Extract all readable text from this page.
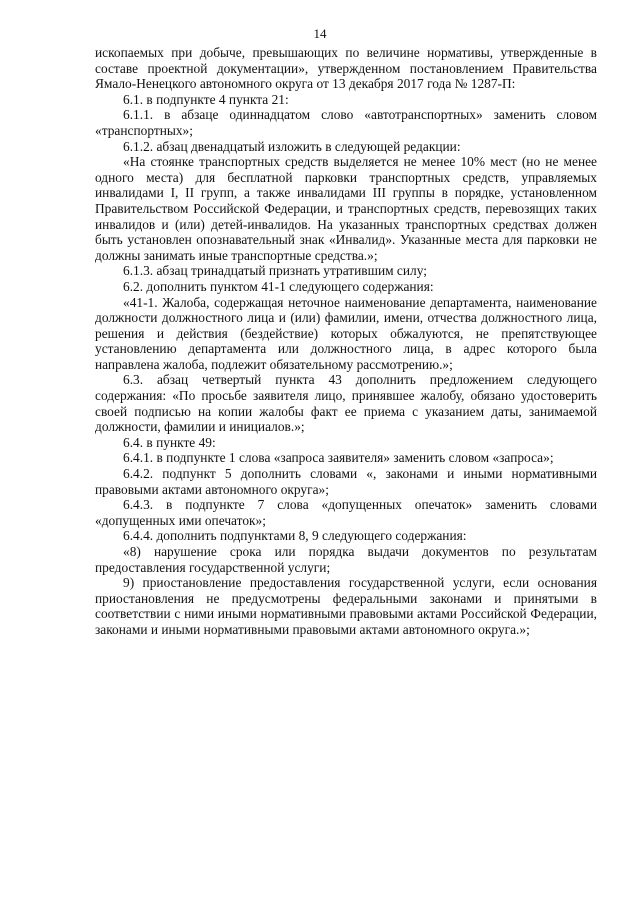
14

ископаемых при добыче, превышающих по величине нормативы, утвержденные в составе проектной документации», утвержденном постановлением Правительства Ямало-Ненецкого автономного округа от 13 декабря 2017 года № 1287-П:

6.1. в подпункте 4 пункта 21:

6.1.1. в абзаце одиннадцатом слово «автотранспортных» заменить словом «транспортных»;

6.1.2. абзац двенадцатый изложить в следующей редакции:

«На стоянке транспортных средств выделяется не менее 10% мест (но не менее одного места) для бесплатной парковки транспортных средств, управляемых инвалидами I, II групп, а также инвалидами III группы в порядке, установленном Правительством Российской Федерации, и транспортных средств, перевозящих таких инвалидов и (или) детей-инвалидов. На указанных транспортных средствах должен быть установлен опознавательный знак «Инвалид». Указанные места для парковки не должны занимать иные транспортные средства.»;

6.1.3. абзац тринадцатый признать утратившим силу;

6.2. дополнить пунктом 41-1 следующего содержания:

«41-1. Жалоба, содержащая неточное наименование департамента, наименование должности должностного лица и (или) фамилии, имени, отчества должностного лица, решения и действия (бездействие) которых обжалуются, не препятствующее установлению департамента или должностного лица, в адрес которого была направлена жалоба, подлежит обязательному рассмотрению.»;

6.3. абзац четвертый пункта 43 дополнить предложением следующего содержания: «По просьбе заявителя лицо, принявшее жалобу, обязано удостоверить своей подписью на копии жалобы факт ее приема с указанием даты, занимаемой должности, фамилии и инициалов.»;

6.4. в пункте 49:

6.4.1. в подпункте 1 слова «запроса заявителя» заменить словом «запроса»;

6.4.2. подпункт 5 дополнить словами «, законами и иными нормативными правовыми актами автономного округа»;

6.4.3. в подпункте 7 слова «допущенных опечаток» заменить словами «допущенных ими опечаток»;

6.4.4. дополнить подпунктами 8, 9 следующего содержания:

«8) нарушение срока или порядка выдачи документов по результатам предоставления государственной услуги;

9) приостановление предоставления государственной услуги, если основания приостановления не предусмотрены федеральными законами и принятыми в соответствии с ними иными нормативными правовыми актами Российской Федерации, законами и иными нормативными правовыми актами автономного округа.»;
